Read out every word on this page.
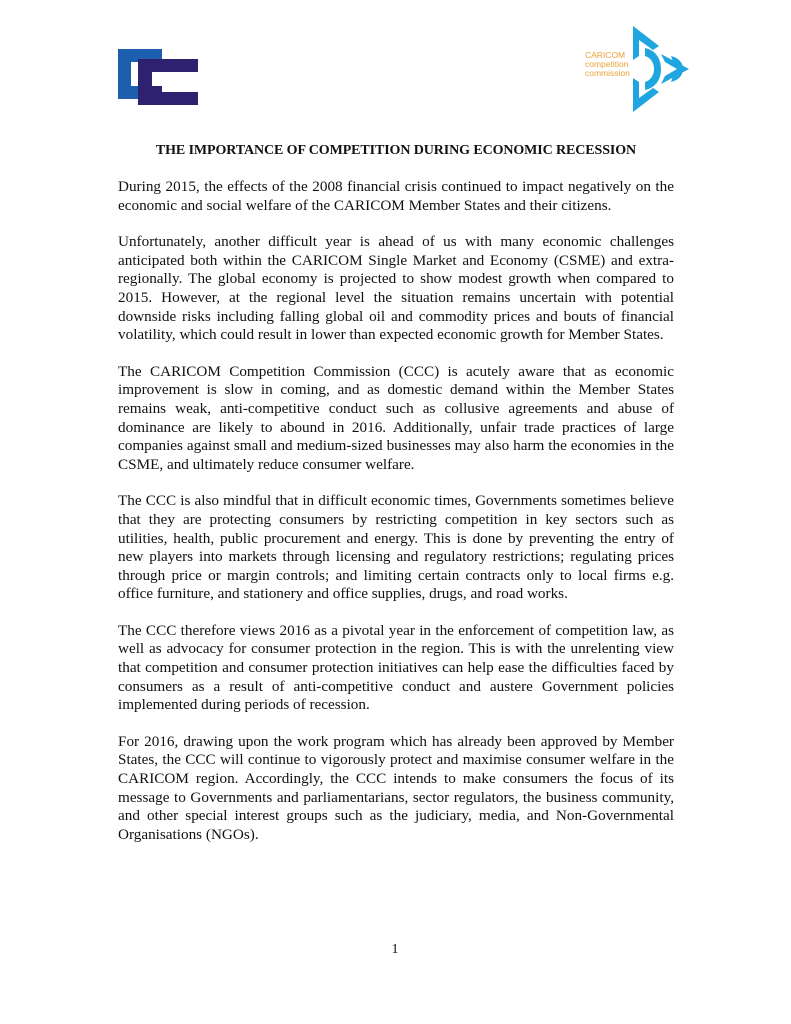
CARICOM
competition
commission
THE IMPORTANCE OF COMPETITION DURING ECONOMIC RECESSION

During 2015, the effects of the 2008 financial crisis continued to impact negatively on the economic and social welfare of the CARICOM Member States and their citizens.

Unfortunately, another difficult year is ahead of us with many economic challenges anticipated both within the CARICOM Single Market and Economy (CSME) and extra-regionally. The global economy is projected to show modest growth when compared to 2015. However, at the regional level the situation remains uncertain with potential downside risks including falling global oil and commodity prices and bouts of financial volatility, which could result in lower than expected economic growth for Member States.

The CARICOM Competition Commission (CCC) is acutely aware that as economic improvement is slow in coming, and as domestic demand within the Member States remains weak, anti-competitive conduct such as collusive agreements and abuse of dominance are likely to abound in 2016. Additionally, unfair trade practices of large companies against small and medium-sized businesses may also harm the economies in the CSME, and ultimately reduce consumer welfare.

The CCC is also mindful that in difficult economic times, Governments sometimes believe that they are protecting consumers by restricting competition in key sectors such as utilities, health, public procurement and energy. This is done by preventing the entry of new players into markets through licensing and regulatory restrictions; regulating prices through price or margin controls; and limiting certain contracts only to local firms e.g. office furniture, and stationery and office supplies, drugs, and road works.

The CCC therefore views 2016 as a pivotal year in the enforcement of competition law, as well as advocacy for consumer protection in the region. This is with the unrelenting view that competition and consumer protection initiatives can help ease the difficulties faced by consumers as a result of anti-competitive conduct and austere Government policies implemented during periods of recession.

For 2016, drawing upon the work program which has already been approved by Member States, the CCC will continue to vigorously protect and maximise consumer welfare in the CARICOM region. Accordingly, the CCC intends to make consumers the focus of its message to Governments and parliamentarians, sector regulators, the business community, and other special interest groups such as the judiciary, media, and Non-Governmental Organisations (NGOs).

1
